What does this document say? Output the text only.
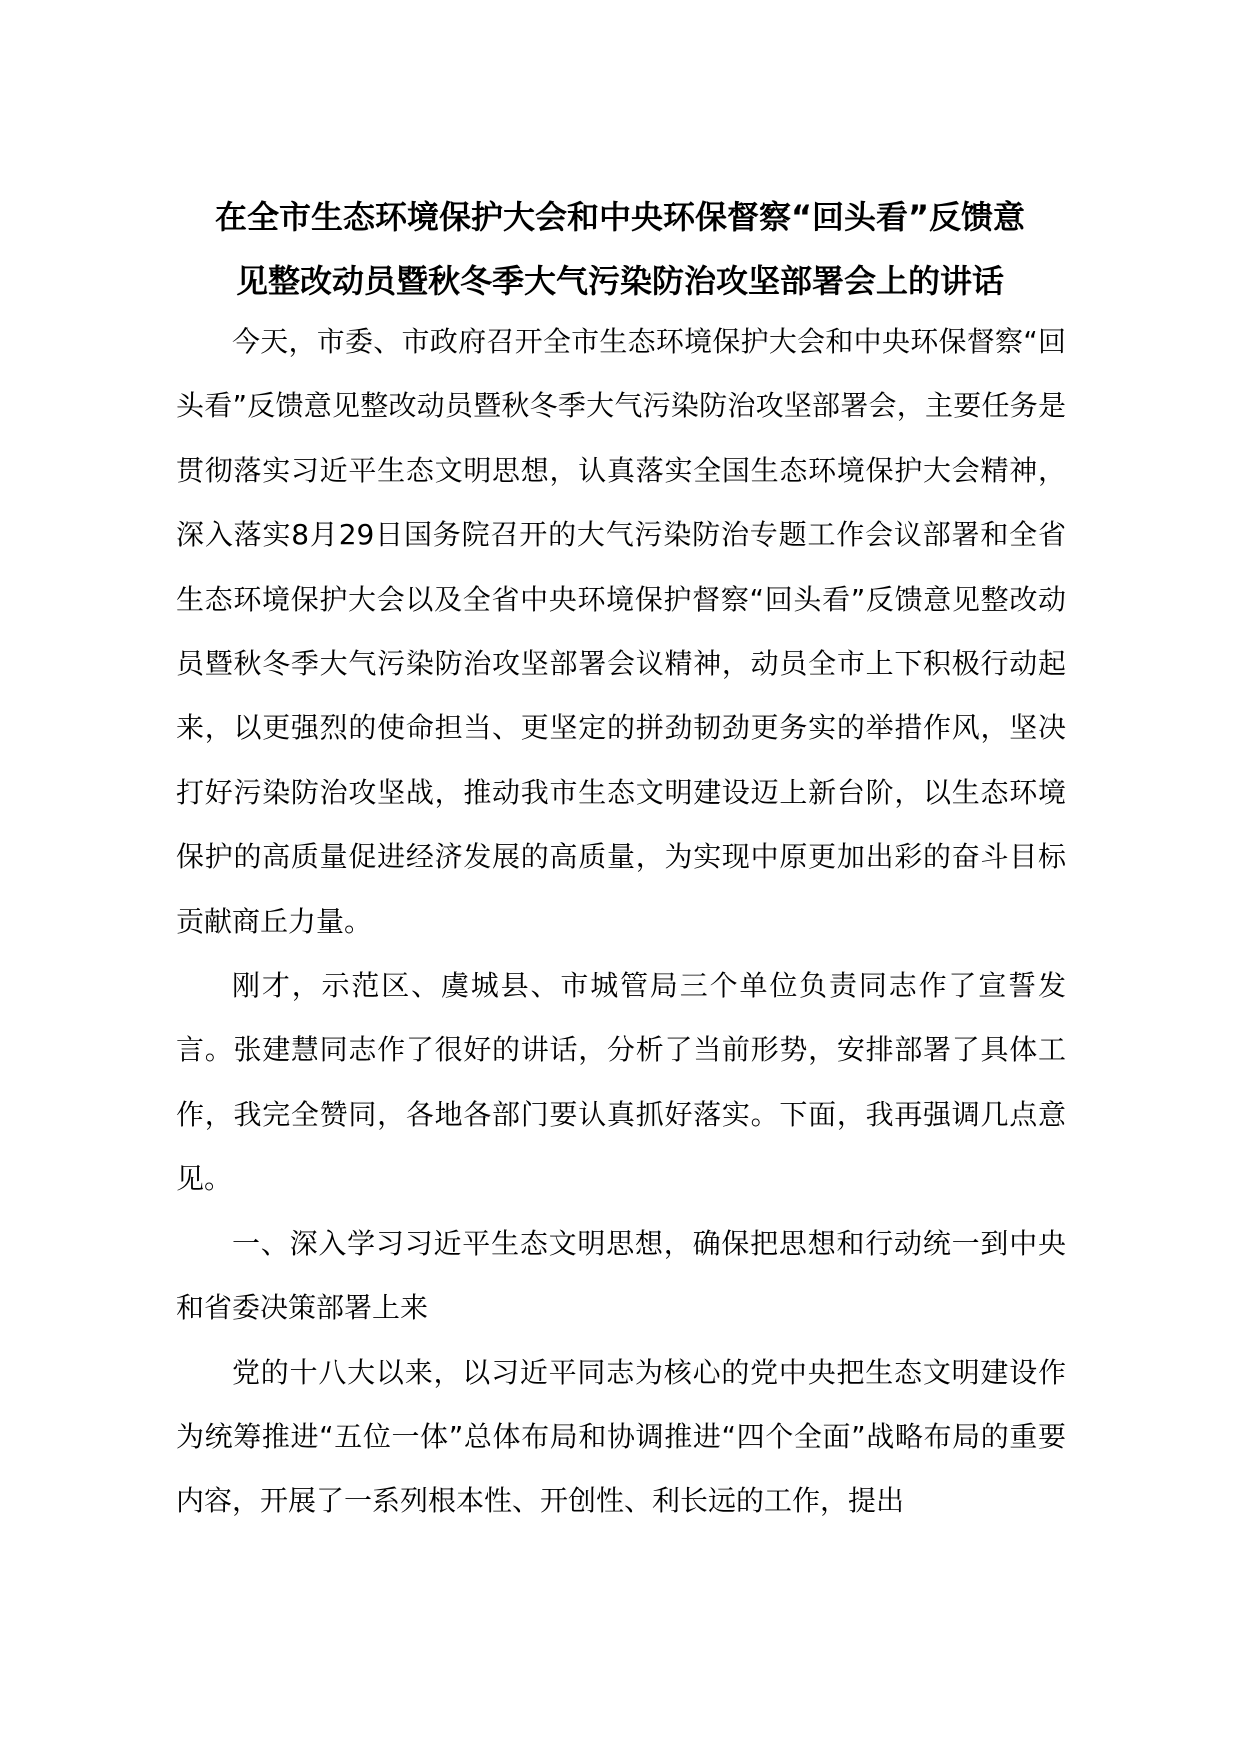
在全市生态环境保护大会和中央环保督察“回头看”反馈意
见整改动员暨秋冬季大气污染防治攻坚部署会上的讲话

今天，市委、市政府召开全市生态环境保护大会和中央环保督察“回头看”反馈意见整改动员暨秋冬季大气污染防治攻坚部署会，主要任务是贯彻落实习近平生态文明思想，认真落实全国生态环境保护大会精神，深入落实8月29日国务院召开的大气污染防治专题工作会议部署和全省生态环境保护大会以及全省中央环境保护督察“回头看”反馈意见整改动员暨秋冬季大气污染防治攻坚部署会议精神，动员全市上下积极行动起来，以更强烈的使命担当、更坚定的拼劲韧劲更务实的举措作风，坚决打好污染防治攻坚战，推动我市生态文明建设迈上新台阶，以生态环境保护的高质量促进经济发展的高质量，为实现中原更加出彩的奋斗目标贡献商丘力量。

刚才，示范区、虞城县、市城管局三个单位负责同志作了宣誓发言。张建慧同志作了很好的讲话，分析了当前形势，安排部署了具体工作，我完全赞同，各地各部门要认真抓好落实。下面，我再强调几点意见。

一、深入学习习近平生态文明思想，确保把思想和行动统一到中央和省委决策部署上来

党的十八大以来，以习近平同志为核心的党中央把生态文明建设作为统筹推进“五位一体”总体布局和协调推进“四个全面”战略布局的重要内容，开展了一系列根本性、开创性、利长远的工作，提出
